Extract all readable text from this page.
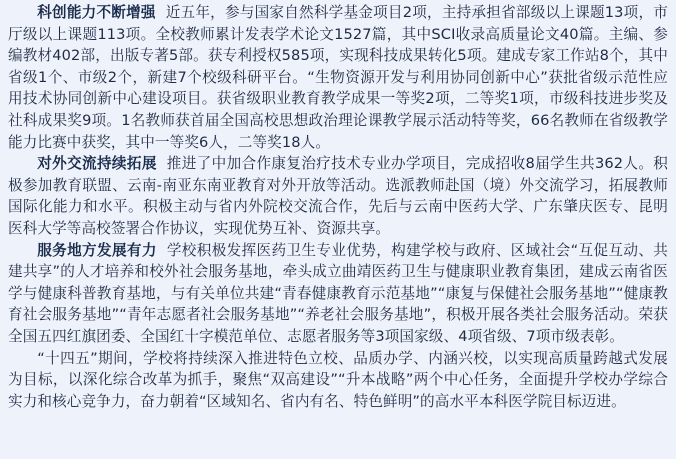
科创能力不断增强 近五年，参与国家自然科学基金项目2项，主持承担省部级以上课题13项，市厅级以上课题113项。全校教师累计发表学术论文1527篇，其中SCI收录高质量论文40篇。主编、参编教材402部，出版专著5部。获专利授权585项，实现科技成果转化5项。建成专家工作站8个，其中省级1个、市级2个，新建7个校级科研平台。“生物资源开发与利用协同创新中心”获批省级示范性应用技术协同创新中心建设项目。获省级职业教育教学成果一等奖2项，二等奖1项，市级科技进步奖及社科成果奖9项。1名教师获首届全国高校思想政治理论课教学展示活动特等奖，66名教师在省级教学能力比赛中获奖，其中一等奖6人，二等奖18人。

对外交流持续拓展 推进了中加合作康复治疗技术专业办学项目，完成招收8届学生共362人。积极参加教育联盟、云南-南亚东南亚教育对外开放等活动。选派教师赴国（境）外交流学习，拓展教师国际化能力和水平。积极主动与省内外院校交流合作，先后与云南中医药大学、广东肇庆医专、昆明医科大学等高校签署合作协议，实现优势互补、资源共享。

服务地方发展有力 学校积极发挥医药卫生专业优势，构建学校与政府、区域社会“互促互动、共建共享”的人才培养和校外社会服务基地，牵头成立曲靖医药卫生与健康职业教育集团，建成云南省医学与健康科普教育基地，与有关单位共建“青春健康教育示范基地”“康复与保健社会服务基地”“健康教育社会服务基地”“青年志愿者社会服务基地”“养老社会服务基地”，积极开展各类社会服务活动。荣获全国五四红旗团委、全国红十字模范单位、志愿者服务等3项国家级、4项省级、7项市级表彰。

“十四五”期间，学校将持续深入推进特色立校、品质办学、内涵兴校，以实现高质量跨越式发展为目标，以深化综合改革为抓手，聚焦“双高建设”“升本战略”两个中心任务，全面提升学校办学综合实力和核心竞争力，奋力朝着“区域知名、省内有名、特色鲜明”的高水平本科医学院目标迈进。
